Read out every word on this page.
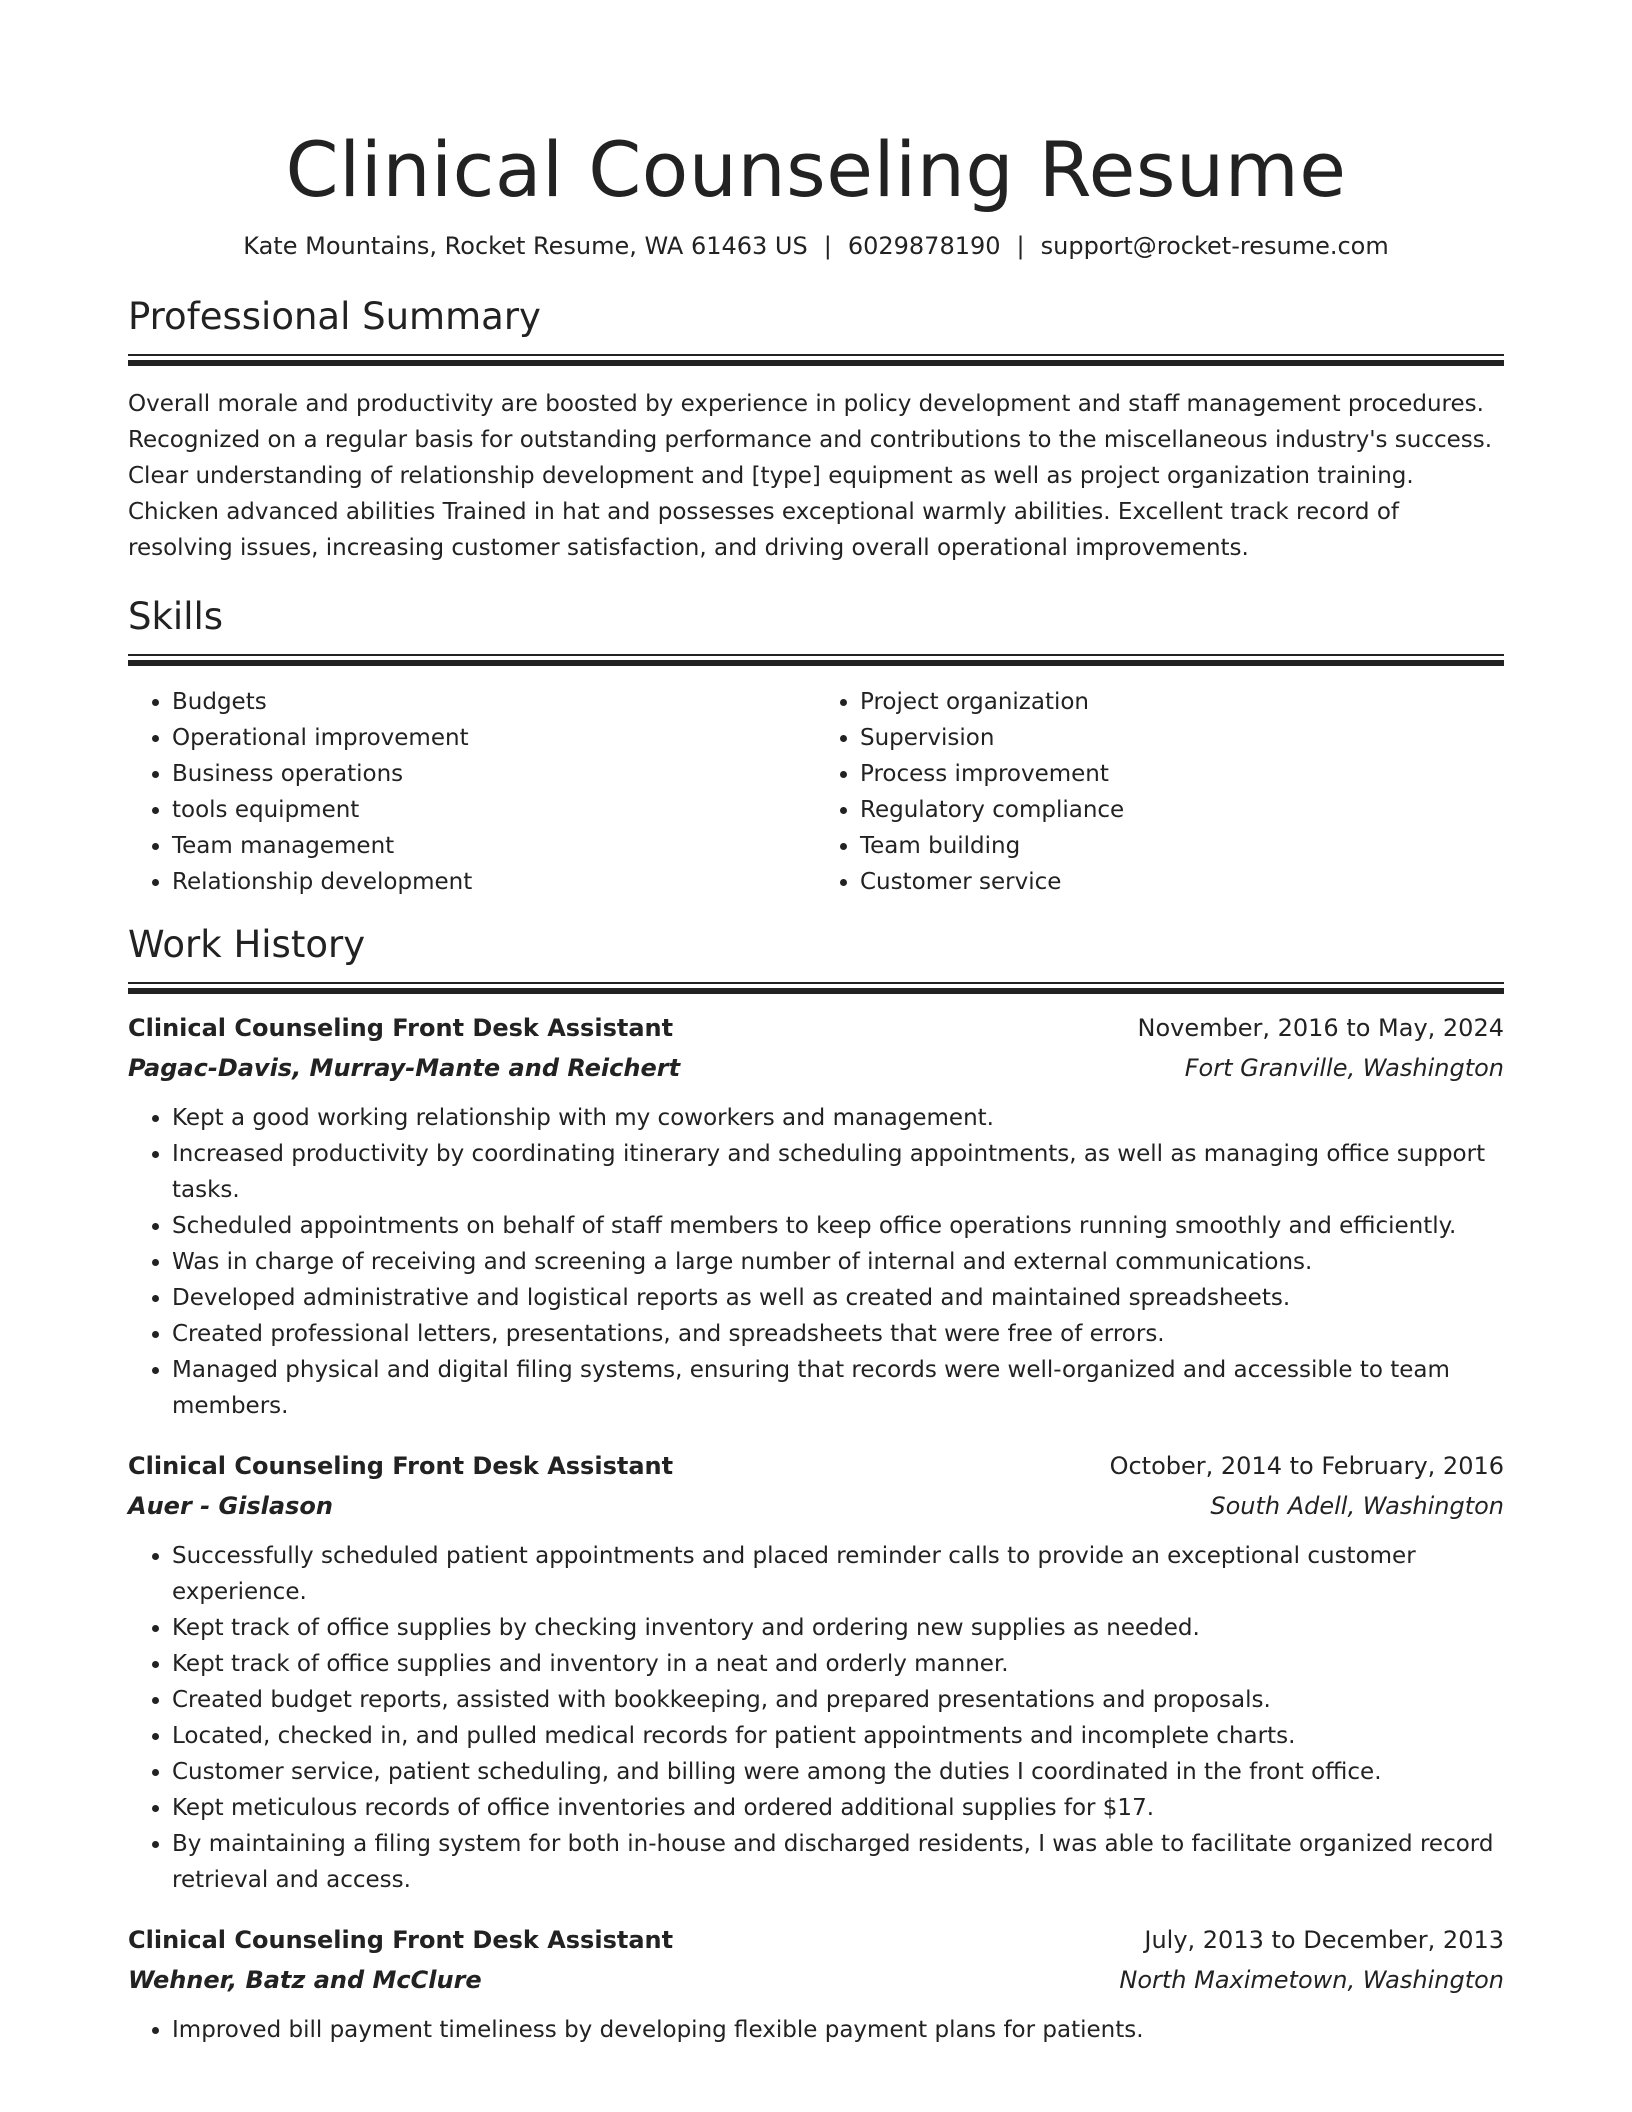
Clinical Counseling Resume
Kate Mountains, Rocket Resume, WA 61463 US | 6029878190 | support@rocket-resume.com
Professional Summary

Overall morale and productivity are boosted by experience in policy development and staff management procedures. Recognized on a regular basis for outstanding performance and contributions to the miscellaneous industry's success. Clear understanding of relationship development and [type] equipment as well as project organization training. Chicken advanced abilities Trained in hat and possesses exceptional warmly abilities. Excellent track record of resolving issues, increasing customer satisfaction, and driving overall operational improvements.

Skills
• Budgets
• Operational improvement
• Business operations
• tools equipment
• Team management
• Relationship development
• Project organization
• Supervision
• Process improvement
• Regulatory compliance
• Team building
• Customer service
Work History
Clinical Counseling Front Desk Assistant	November, 2016 to May, 2024
Pagac-Davis, Murray-Mante and Reichert	Fort Granville, Washington
• Kept a good working relationship with my coworkers and management.
• Increased productivity by coordinating itinerary and scheduling appointments, as well as managing office support tasks.
• Scheduled appointments on behalf of staff members to keep office operations running smoothly and efficiently.
• Was in charge of receiving and screening a large number of internal and external communications.
• Developed administrative and logistical reports as well as created and maintained spreadsheets.
• Created professional letters, presentations, and spreadsheets that were free of errors.
• Managed physical and digital filing systems, ensuring that records were well-organized and accessible to team members.
Clinical Counseling Front Desk Assistant	October, 2014 to February, 2016
Auer - Gislason	South Adell, Washington
• Successfully scheduled patient appointments and placed reminder calls to provide an exceptional customer experience.
• Kept track of office supplies by checking inventory and ordering new supplies as needed.
• Kept track of office supplies and inventory in a neat and orderly manner.
• Created budget reports, assisted with bookkeeping, and prepared presentations and proposals.
• Located, checked in, and pulled medical records for patient appointments and incomplete charts.
• Customer service, patient scheduling, and billing were among the duties I coordinated in the front office.
• Kept meticulous records of office inventories and ordered additional supplies for $17.
• By maintaining a filing system for both in-house and discharged residents, I was able to facilitate organized record retrieval and access.
Clinical Counseling Front Desk Assistant	July, 2013 to December, 2013
Wehner, Batz and McClure	North Maximetown, Washington
• Improved bill payment timeliness by developing flexible payment plans for patients.
